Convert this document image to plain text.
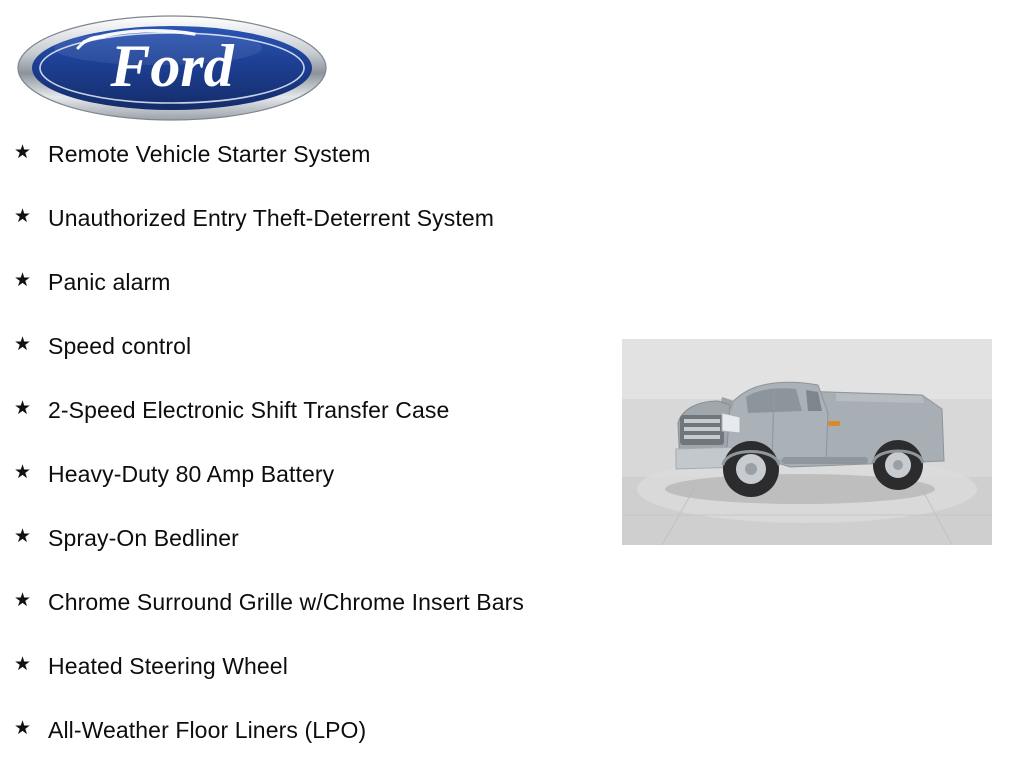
Ford
★ Remote Vehicle Starter System
★ Unauthorized Entry Theft-Deterrent System
★ Panic alarm
★ Speed control
★ 2-Speed Electronic Shift Transfer Case
★ Heavy-Duty 80 Amp Battery
★ Spray-On Bedliner
★ Chrome Surround Grille w/Chrome Insert Bars
★ Heated Steering Wheel
★ All-Weather Floor Liners (LPO)
